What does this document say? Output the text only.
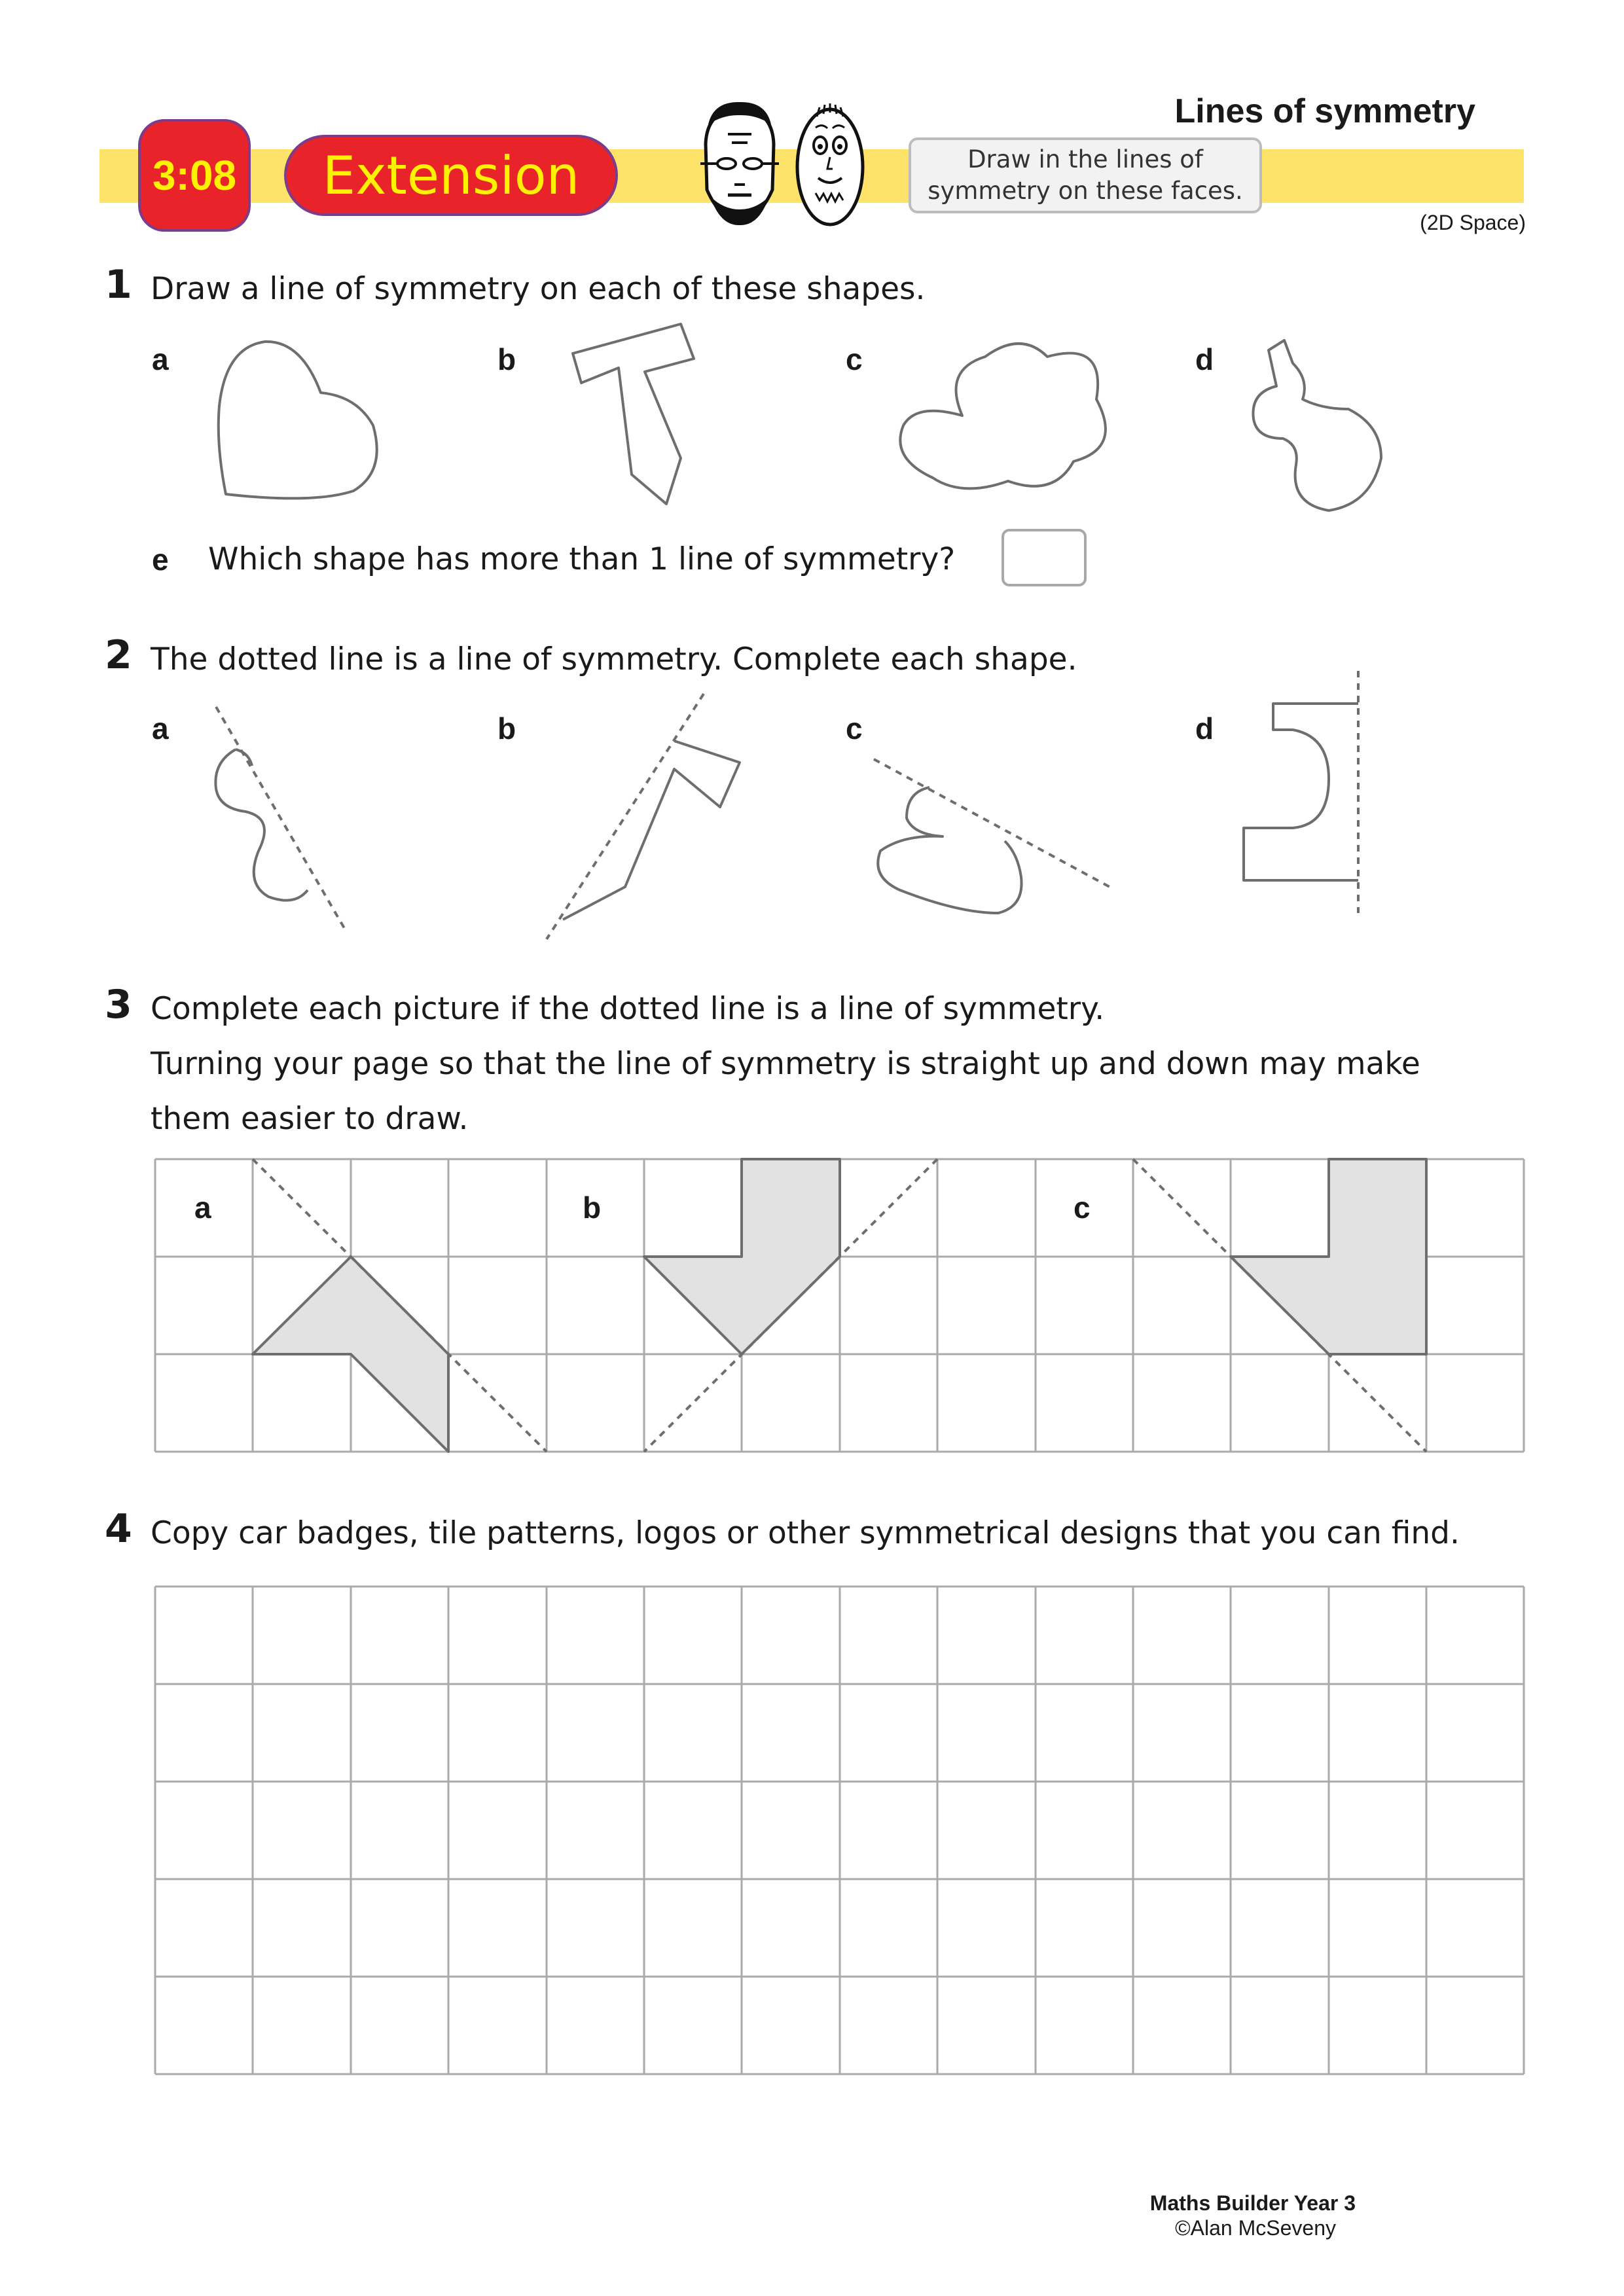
Lines of symmetry
3:08	Extension	Draw in the lines of symmetry on these faces.
(2D Space)
1 Draw a line of symmetry on each of these shapes.
a	b	c	d
e Which shape has more than 1 line of symmetry?
2 The dotted line is a line of symmetry. Complete each shape.
a	b	c	d
3 Complete each picture if the dotted line is a line of symmetry.
Turning your page so that the line of symmetry is straight up and down may make
them easier to draw.
a	b	c
4 Copy car badges, tile patterns, logos or other symmetrical designs that you can find.
Maths Builder Year 3
©Alan McSeveny
